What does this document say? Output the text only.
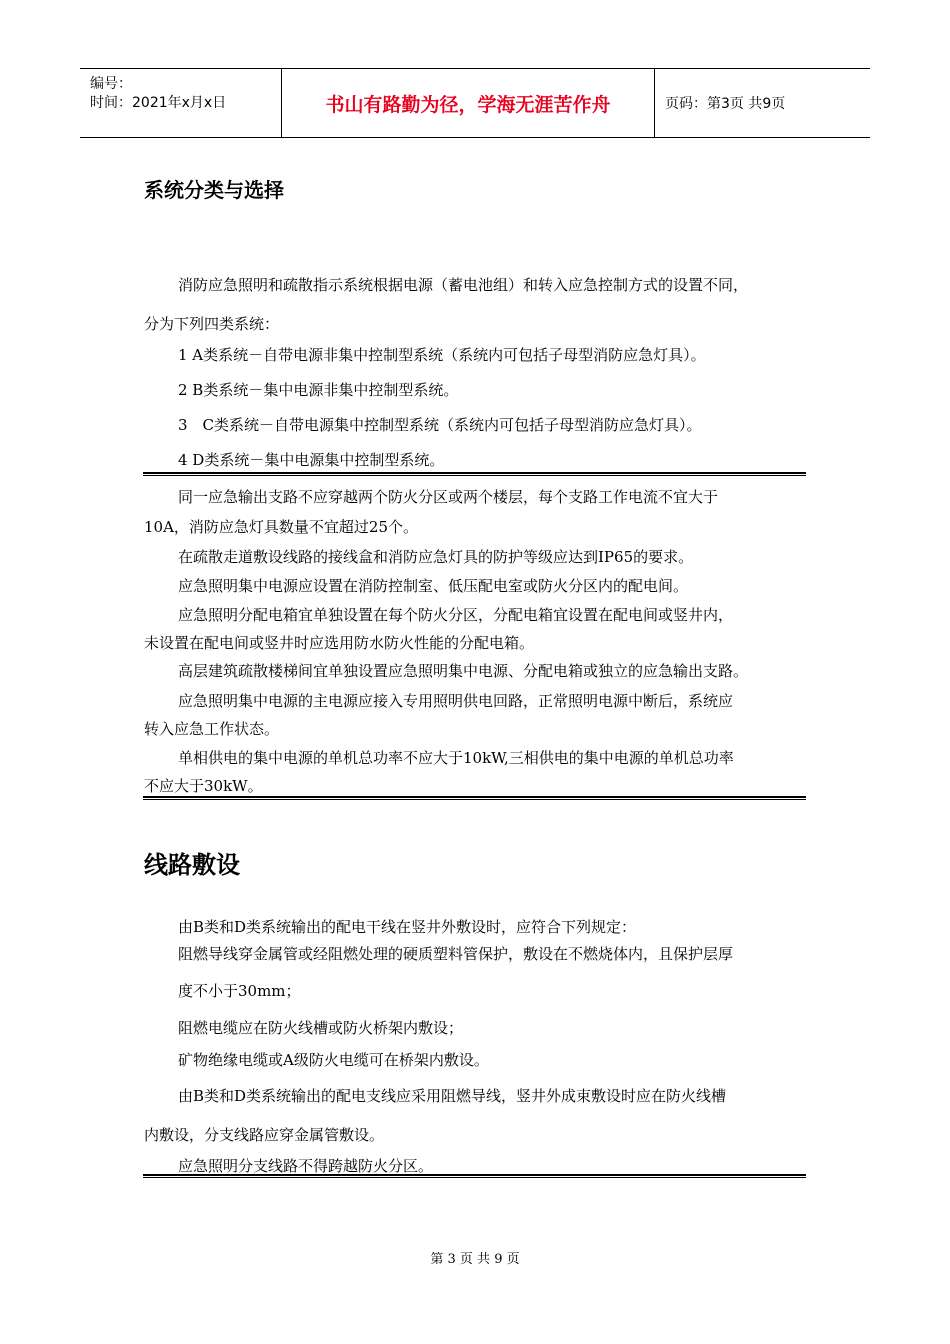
编号：
时间：2021年x月x日	书山有路勤为径，学海无涯苦作舟	页码：第3页 共9页
系统分类与选择
消防应急照明和疏散指示系统根据电源（蓄电池组）和转入应急控制方式的设置不同，
分为下列四类系统：
1 A类系统－自带电源非集中控制型系统（系统内可包括子母型消防应急灯具）。
2 B类系统－集中电源非集中控制型系统。
3　C类系统－自带电源集中控制型系统（系统内可包括子母型消防应急灯具）。
4 D类系统－集中电源集中控制型系统。
同一应急输出支路不应穿越两个防火分区或两个楼层，每个支路工作电流不宜大于
10A，消防应急灯具数量不宜超过25个。
在疏散走道敷设线路的接线盒和消防应急灯具的防护等级应达到IP65的要求。
应急照明集中电源应设置在消防控制室、低压配电室或防火分区内的配电间。
应急照明分配电箱宜单独设置在每个防火分区，分配电箱宜设置在配电间或竖井内，
未设置在配电间或竖井时应选用防水防火性能的分配电箱。
高层建筑疏散楼梯间宜单独设置应急照明集中电源、分配电箱或独立的应急输出支路。
应急照明集中电源的主电源应接入专用照明供电回路，正常照明电源中断后，系统应
转入应急工作状态。
单相供电的集中电源的单机总功率不应大于10kW,三相供电的集中电源的单机总功率
不应大于30kW。
线路敷设
由B类和D类系统输出的配电干线在竖井外敷设时，应符合下列规定：
阻燃导线穿金属管或经阻燃处理的硬质塑料管保护，敷设在不燃烧体内，且保护层厚
度不小于30mm；
阻燃电缆应在防火线槽或防火桥架内敷设；
矿物绝缘电缆或A级防火电缆可在桥架内敷设。
由B类和D类系统输出的配电支线应采用阻燃导线，竖井外成束敷设时应在防火线槽
内敷设，分支线路应穿金属管敷设。
应急照明分支线路不得跨越防火分区。
第 3 页 共 9 页
